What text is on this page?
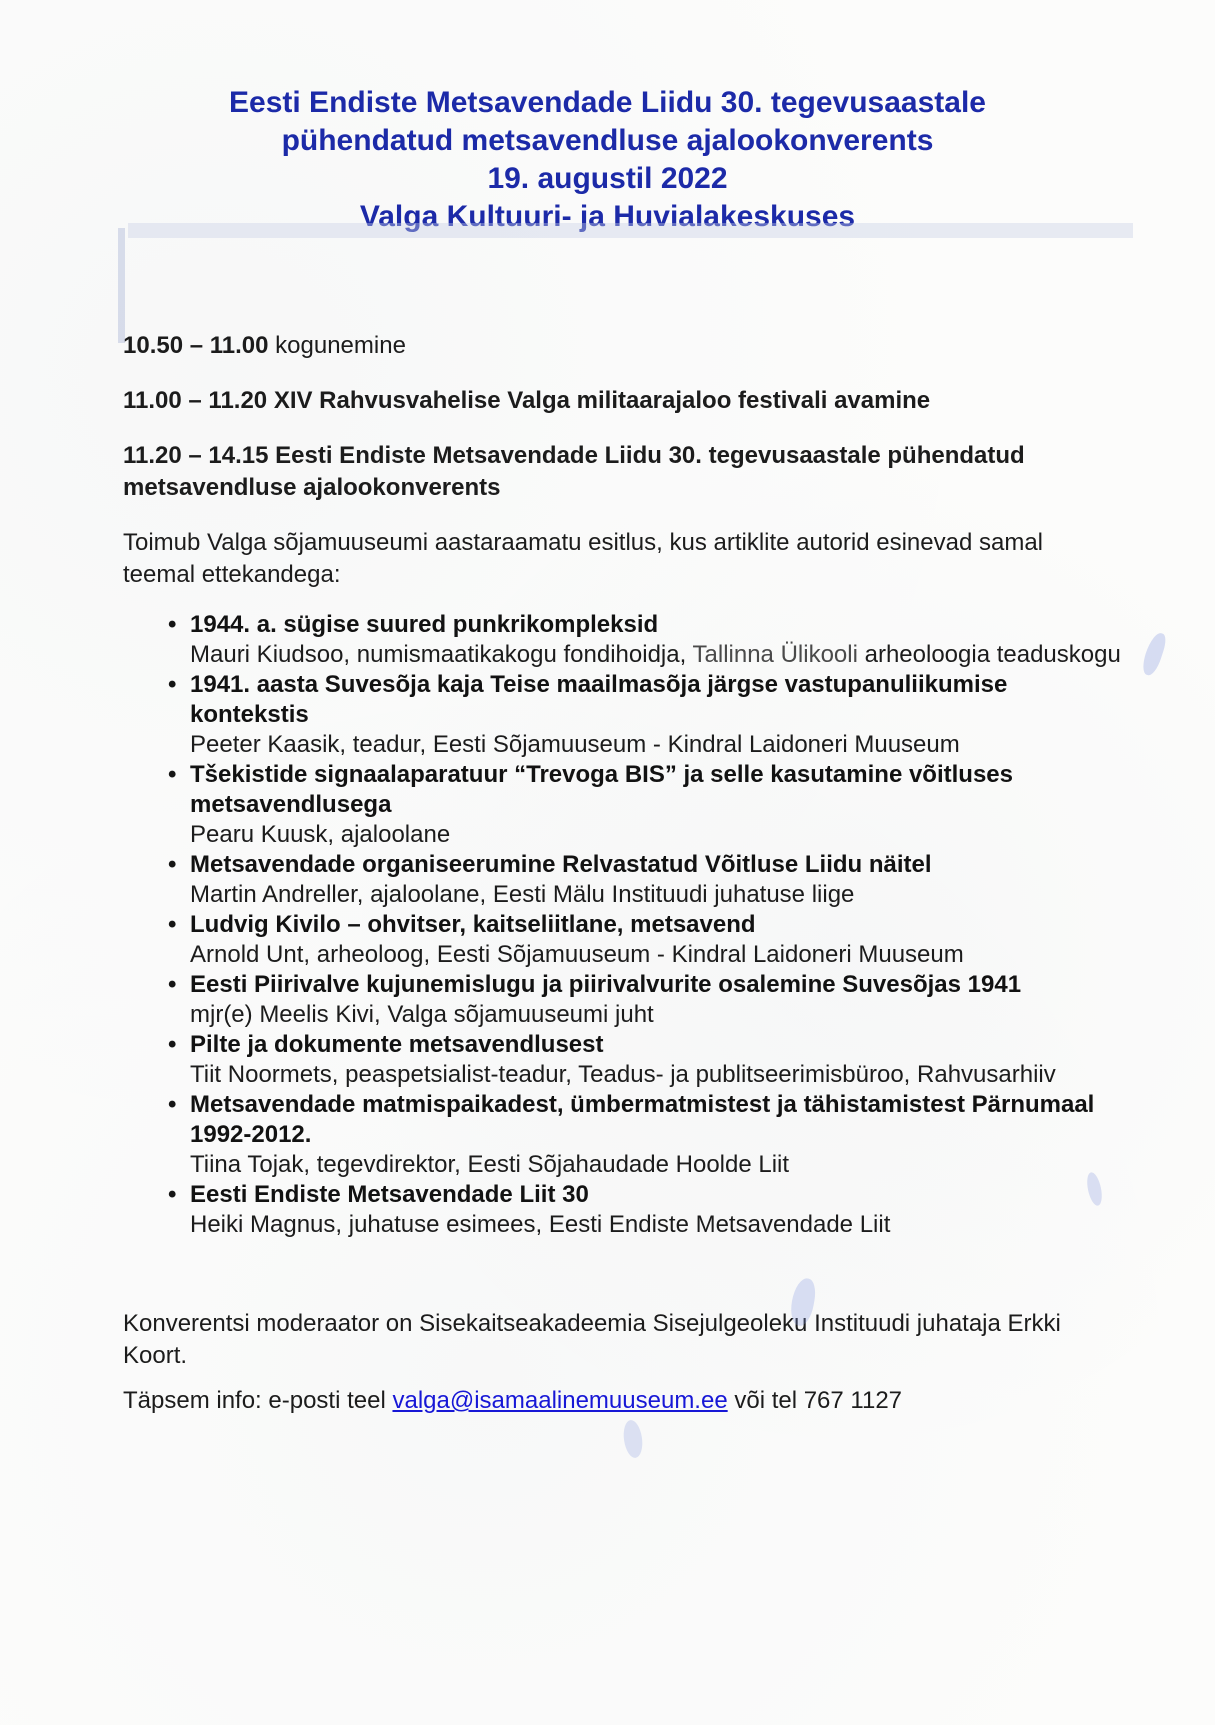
Eesti Endiste Metsavendade Liidu 30. tegevusaastale
pühendatud metsavendluse ajalookonverents
19. augustil 2022
Valga Kultuuri- ja Huvialakeskuses
10.50 – 11.00 kogunemine
11.00 – 11.20 XIV Rahvusvahelise Valga militaarajaloo festivali avamine
11.20 – 14.15 Eesti Endiste Metsavendade Liidu 30. tegevusaastale pühendatud metsavendluse ajalookonverents

Toimub Valga sõjamuuseumi aastaraamatu esitlus, kus artiklite autorid esinevad samal teemal ettekandega:

• 1944. a. sügise suured punkrikompleksid
Mauri Kiudsoo, numismaatikakogu fondihoidja, Tallinna Ülikooli arheoloogia teaduskogu
• 1941. aasta Suvesõja kaja Teise maailmasõja järgse vastupanuliikumise kontekstis
Peeter Kaasik, teadur, Eesti Sõjamuuseum - Kindral Laidoneri Muuseum
• Tšekistide signaalaparatuur “Trevoga BIS” ja selle kasutamine võitluses metsavendlusega
Pearu Kuusk, ajaloolane
• Metsavendade organiseerumine Relvastatud Võitluse Liidu näitel
Martin Andreller, ajaloolane, Eesti Mälu Instituudi juhatuse liige
• Ludvig Kivilo – ohvitser, kaitseliitlane, metsavend
Arnold Unt, arheoloog, Eesti Sõjamuuseum - Kindral Laidoneri Muuseum
• Eesti Piirivalve kujunemislugu ja piirivalvurite osalemine Suvesõjas 1941
mjr(e) Meelis Kivi, Valga sõjamuuseumi juht
• Pilte ja dokumente metsavendlusest
Tiit Noormets, peaspetsialist-teadur, Teadus- ja publitseerimisbüroo, Rahvusarhiiv
• Metsavendade matmispaikadest, ümbermatmistest ja tähistamistest Pärnumaal 1992-2012.
Tiina Tojak, tegevdirektor, Eesti Sõjahaudade Hoolde Liit
• Eesti Endiste Metsavendade Liit 30
Heiki Magnus, juhatuse esimees, Eesti Endiste Metsavendade Liit

Konverentsi moderaator on Sisekaitseakadeemia Sisejulgeoleku Instituudi juhataja Erkki Koort.

Täpsem info: e-posti teel valga@isamaalinemuuseum.ee või tel 767 1127
